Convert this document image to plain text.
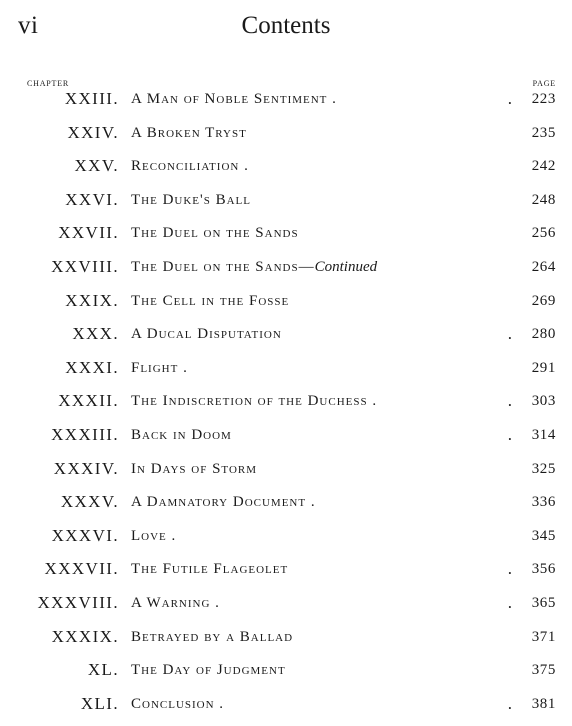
vi	Contents
CHAPTER	PAGE
XXIII. A Man of Noble Sentiment .	. 223
XXIV. A Broken Tryst	235
XXV. Reconciliation .	242
XXVI. The Duke's Ball	248
XXVII. The Duel on the Sands	256
XXVIII. The Duel on the Sands—Continued	264
XXIX. The Cell in the Fosse	269
XXX. A Ducal Disputation	. 280
XXXI. Flight .	291
XXXII. The Indiscretion of the Duchess .	. 303
XXXIII. Back in Doom	. 314
XXXIV. In Days of Storm	325
XXXV. A Damnatory Document .	336
XXXVI. Love .	345
XXXVII. The Futile Flageolet	. 356
XXXVIII. A Warning .	. 365
XXXIX. Betrayed by a Ballad	371
XL. The Day of Judgment	375
XLI. Conclusion .	. 381
